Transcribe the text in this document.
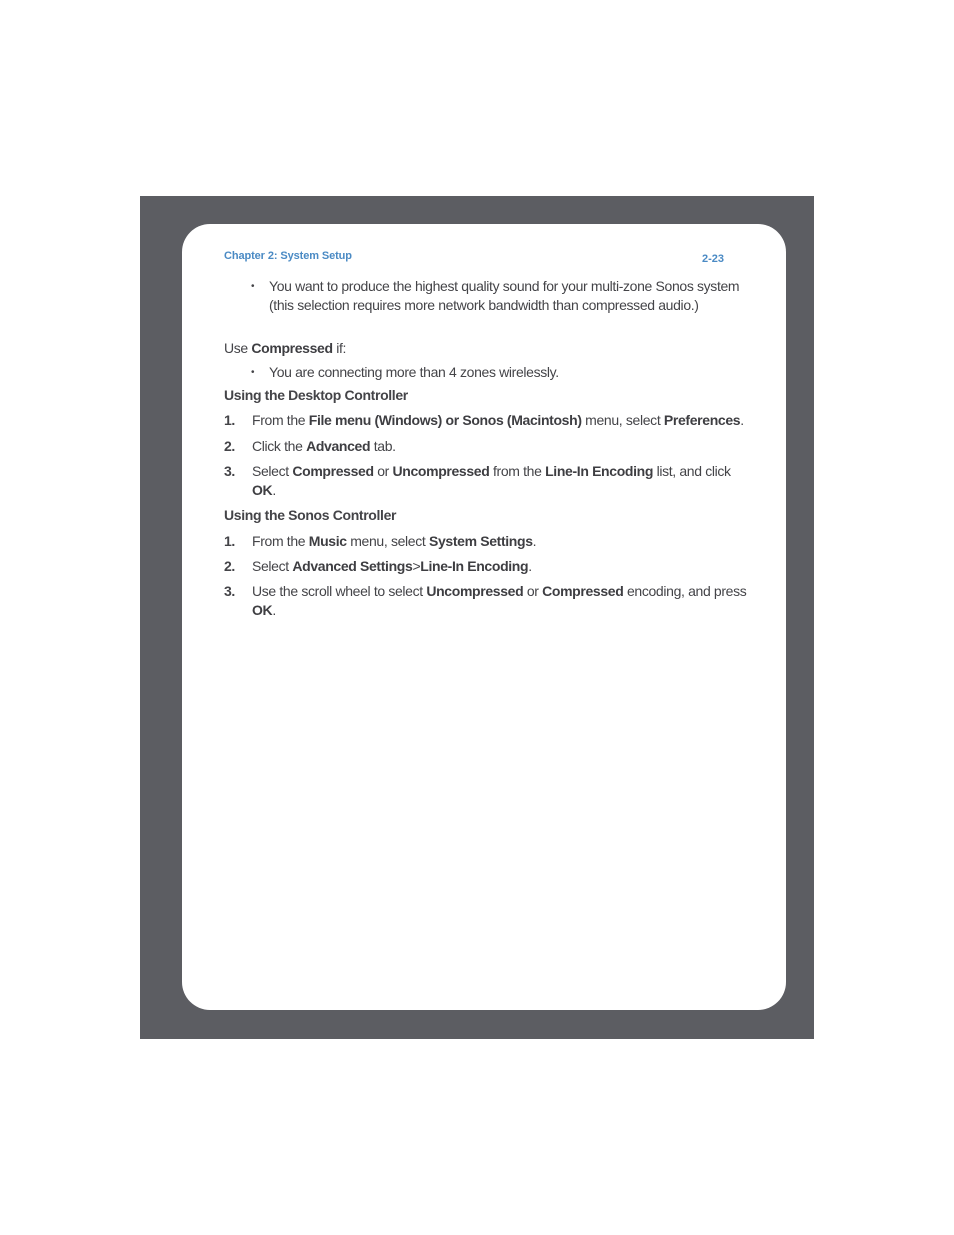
Chapter 2: System Setup	2-23
• You want to produce the highest quality sound for your multi-zone Sonos system (this selection requires more network bandwidth than compressed audio.)

Use Compressed if:

• You are connecting more than 4 zones wirelessly.

Using the Desktop Controller

1. From the File menu (Windows) or Sonos (Macintosh) menu, select Preferences.
2. Click the Advanced tab.
3. Select Compressed or Uncompressed from the Line-In Encoding list, and click OK.

Using the Sonos Controller

1. From the Music menu, select System Settings.
2. Select Advanced Settings>Line-In Encoding.
3. Use the scroll wheel to select Uncompressed or Compressed encoding, and press OK.
